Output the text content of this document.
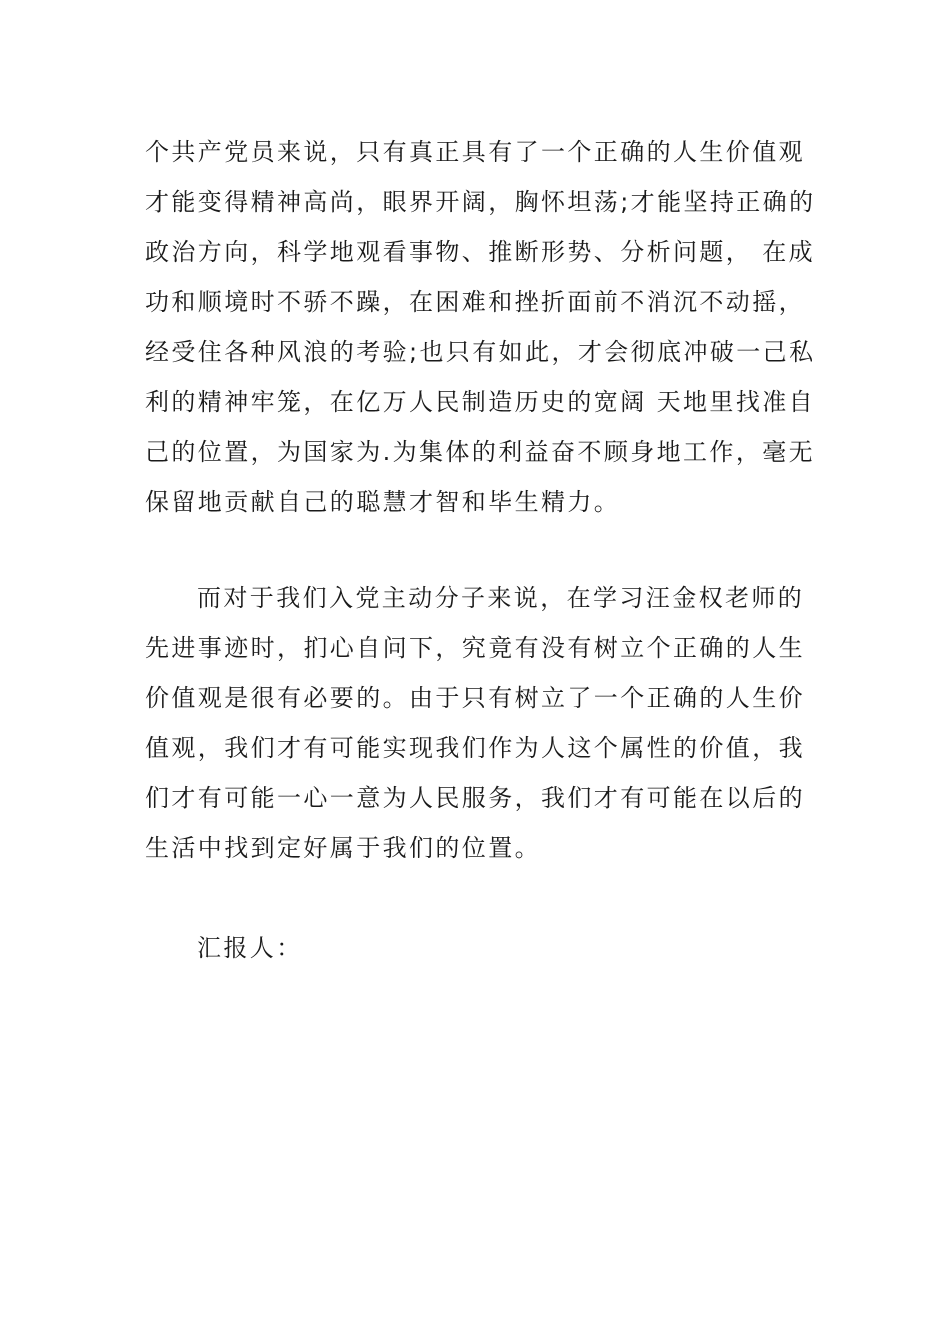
个共产党员来说，只有真正具有了一个正确的人生价值观
才能变得精神高尚，眼界开阔，胸怀坦荡;才能坚持正确的
政治方向，科学地观看事物、推断形势、分析问题， 在成
功和顺境时不骄不躁，在困难和挫折面前不消沉不动摇，
经受住各种风浪的考验;也只有如此，才会彻底冲破一己私
利的精神牢笼，在亿万人民制造历史的宽阔 天地里找准自
己的位置，为国家为.为集体的利益奋不顾身地工作，毫无
保留地贡献自己的聪慧才智和毕生精力。
而对于我们入党主动分子来说，在学习汪金权老师的
先进事迹时，扪心自问下，究竟有没有树立个正确的人生
价值观是很有必要的。由于只有树立了一个正确的人生价
值观，我们才有可能实现我们作为人这个属性的价值，我
们才有可能一心一意为人民服务，我们才有可能在以后的
生活中找到定好属于我们的位置。
汇报人：
